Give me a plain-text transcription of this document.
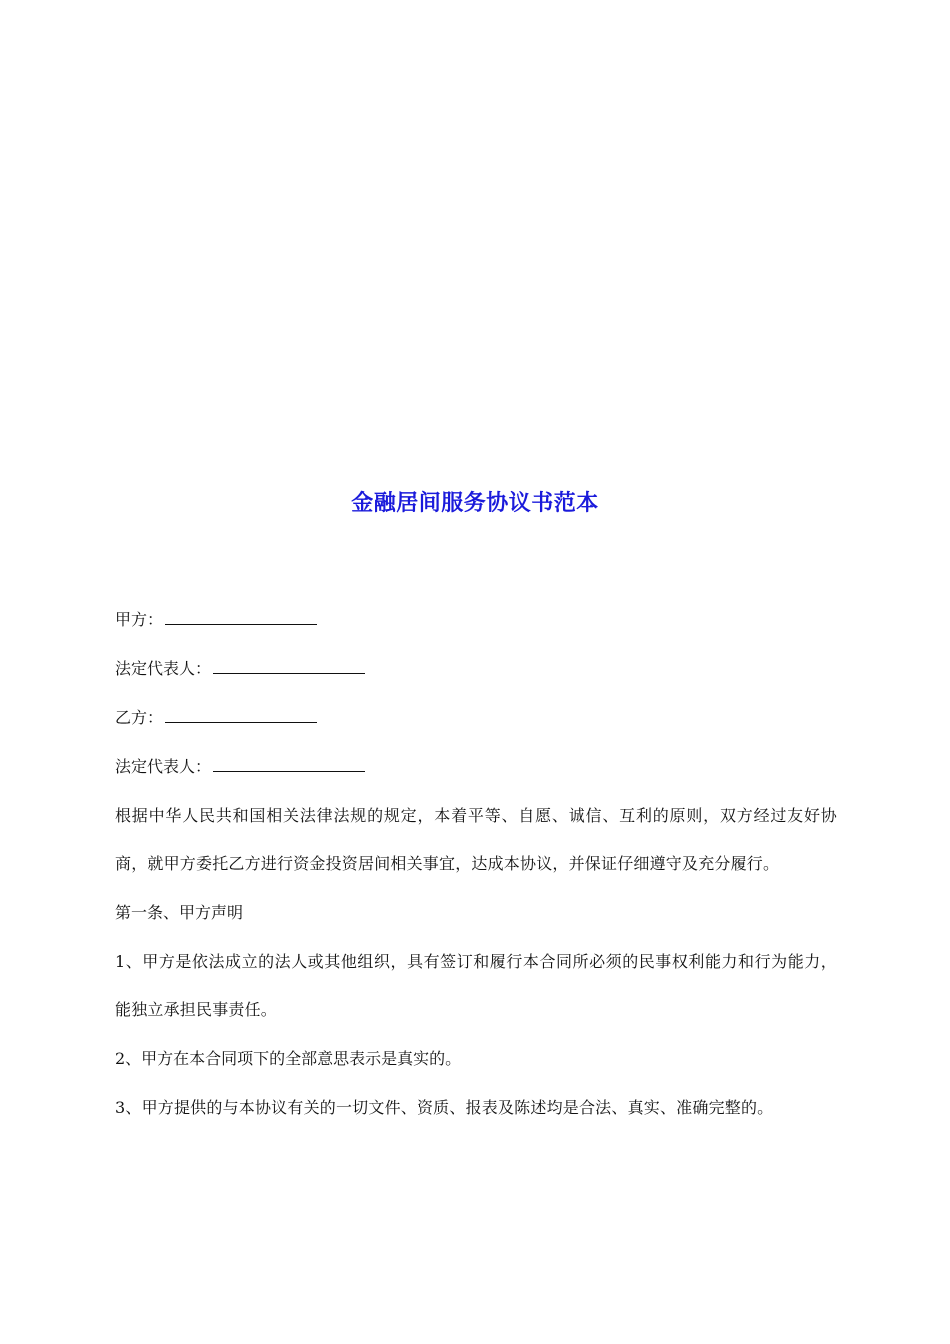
金融居间服务协议书范本
甲方：
法定代表人：
乙方：
法定代表人：
根据中华人民共和国相关法律法规的规定，本着平等、自愿、诚信、互利的原则，双方经过友好协商，就甲方委托乙方进行资金投资居间相关事宜，达成本协议，并保证仔细遵守及充分履行。
第一条、甲方声明
1、甲方是依法成立的法人或其他组织，具有签订和履行本合同所必须的民事权利能力和行为能力，能独立承担民事责任。
2、甲方在本合同项下的全部意思表示是真实的。
3、甲方提供的与本协议有关的一切文件、资质、报表及陈述均是合法、真实、准确完整的。
